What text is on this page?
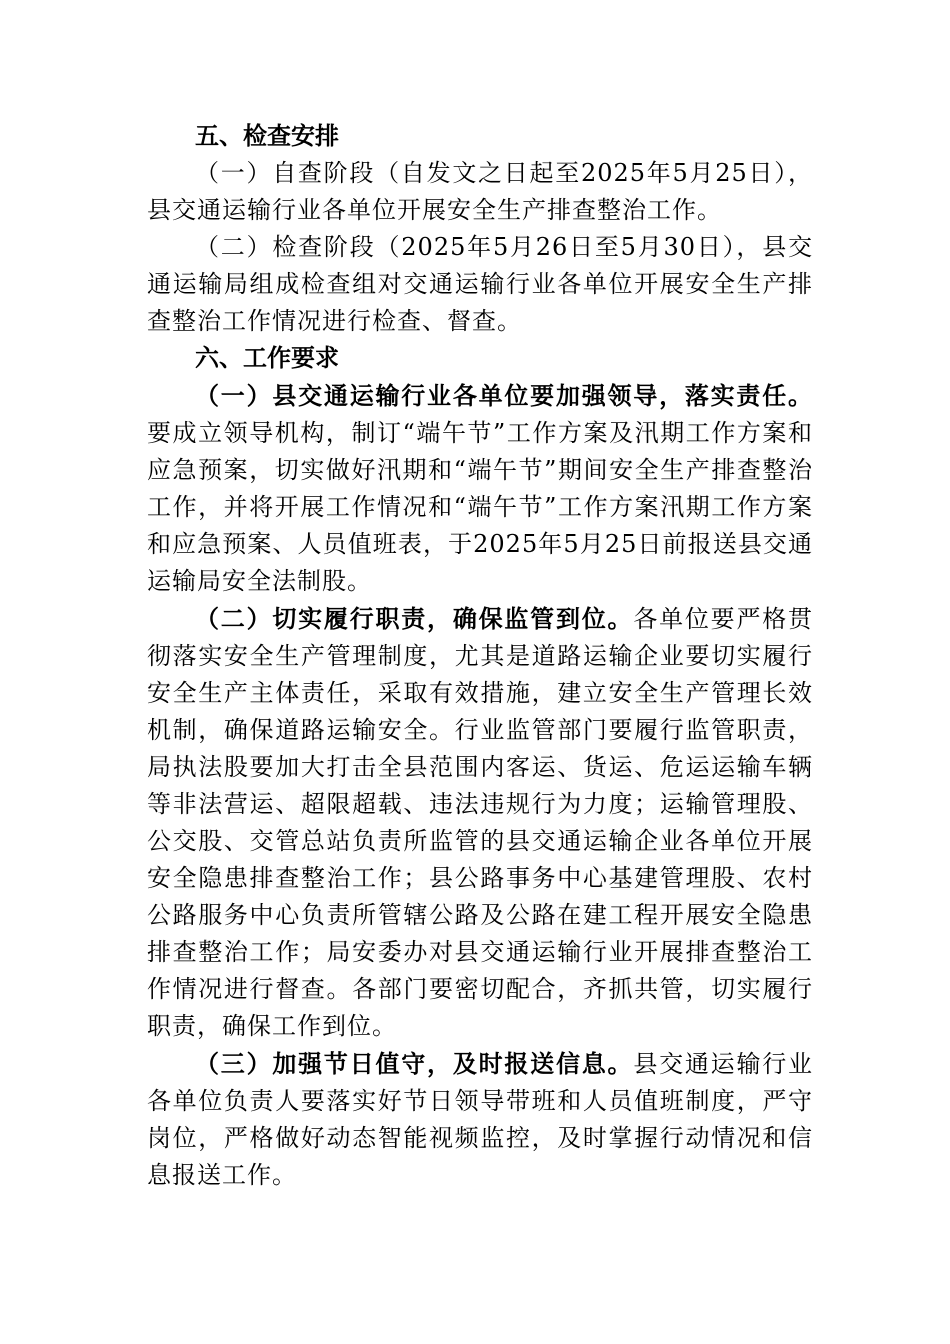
五、检查安排

（一）自查阶段（自发文之日起至2025年5月25日），县交通运输行业各单位开展安全生产排查整治工作。

（二）检查阶段（2025年5月26日至5月30日），县交通运输局组成检查组对交通运输行业各单位开展安全生产排查整治工作情况进行检查、督查。

六、工作要求

（一）县交通运输行业各单位要加强领导，落实责任。要成立领导机构，制订“端午节”工作方案及汛期工作方案和应急预案，切实做好汛期和“端午节”期间安全生产排查整治工作，并将开展工作情况和“端午节”工作方案汛期工作方案和应急预案、人员值班表，于2025年5月25日前报送县交通运输局安全法制股。

（二）切实履行职责，确保监管到位。各单位要严格贯彻落实安全生产管理制度，尤其是道路运输企业要切实履行安全生产主体责任，采取有效措施，建立安全生产管理长效机制，确保道路运输安全。行业监管部门要履行监管职责，局执法股要加大打击全县范围内客运、货运、危运运输车辆等非法营运、超限超载、违法违规行为力度；运输管理股、公交股、交管总站负责所监管的县交通运输企业各单位开展安全隐患排查整治工作；县公路事务中心基建管理股、农村公路服务中心负责所管辖公路及公路在建工程开展安全隐患排查整治工作；局安委办对县交通运输行业开展排查整治工作情况进行督查。各部门要密切配合，齐抓共管，切实履行职责，确保工作到位。

（三）加强节日值守，及时报送信息。县交通运输行业各单位负责人要落实好节日领导带班和人员值班制度，严守岗位，严格做好动态智能视频监控，及时掌握行动情况和信息报送工作。
